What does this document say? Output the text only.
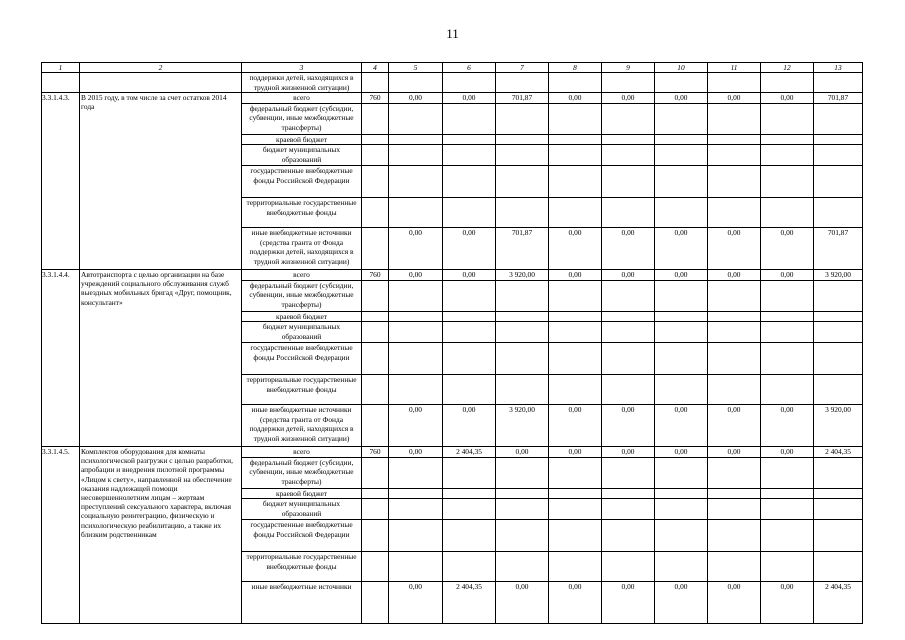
11
1	2	3	4	5	6	7	8	9	10	11	12	13
		поддержки детей, находящихся в трудной жизненной ситуации)										
3.3.1.4.3.	В 2015 году, в том числе за счет остатков 2014 года	всего	760	0,00	0,00	701,87	0,00	0,00	0,00	0,00	0,00	701,87
		федеральный бюджет (субсидии, субвенции, иные межбюджетные трансферты)										
		краевой бюджет										
		бюджет муниципальных образований										
		государственные внебюджетные фонды Российской Федерации										
		территориальные государственные внебюджетные фонды										
		иные внебюджетные источники (средства гранта от Фонда поддержки детей, находящихся в трудной жизненной ситуации)		0,00	0,00	701,87	0,00	0,00	0,00	0,00	0,00	701,87
3.3.1.4.4.	Автотранспорта с целью организации на базе учреждений социального обслуживания служб выездных мобильных бригад «Друг, помощник, консультант»	всего	760	0,00	0,00	3 920,00	0,00	0,00	0,00	0,00	0,00	3 920,00
		федеральный бюджет (субсидии, субвенции, иные межбюджетные трансферты)										
		краевой бюджет										
		бюджет муниципальных образований										
		государственные внебюджетные фонды Российской Федерации										
		территориальные государственные внебюджетные фонды										
		иные внебюджетные источники (средства гранта от Фонда поддержки детей, находящихся в трудной жизненной ситуации)		0,00	0,00	3 920,00	0,00	0,00	0,00	0,00	0,00	3 920,00
3.3.1.4.5.	Комплектов оборудования для комнаты психологической разгрузки с целью разработки, апробации и внедрения пилотной программы «Лицом к свету», направленной на обеспечение оказания надлежащей помощи несовершеннолетним лицам – жертвам преступлений сексуального характера, включая социальную реинтеграцию, физическую и психологическую реабилитацию, а также их близким родственникам	всего	760	0,00	2 404,35	0,00	0,00	0,00	0,00	0,00	0,00	2 404,35
		федеральный бюджет (субсидии, субвенции, иные межбюджетные трансферты)										
		краевой бюджет										
		бюджет муниципальных образований										
		государственные внебюджетные фонды Российской Федерации										
		территориальные государственные внебюджетные фонды										
		иные внебюджетные источники		0,00	2 404,35	0,00	0,00	0,00	0,00	0,00	0,00	2 404,35
